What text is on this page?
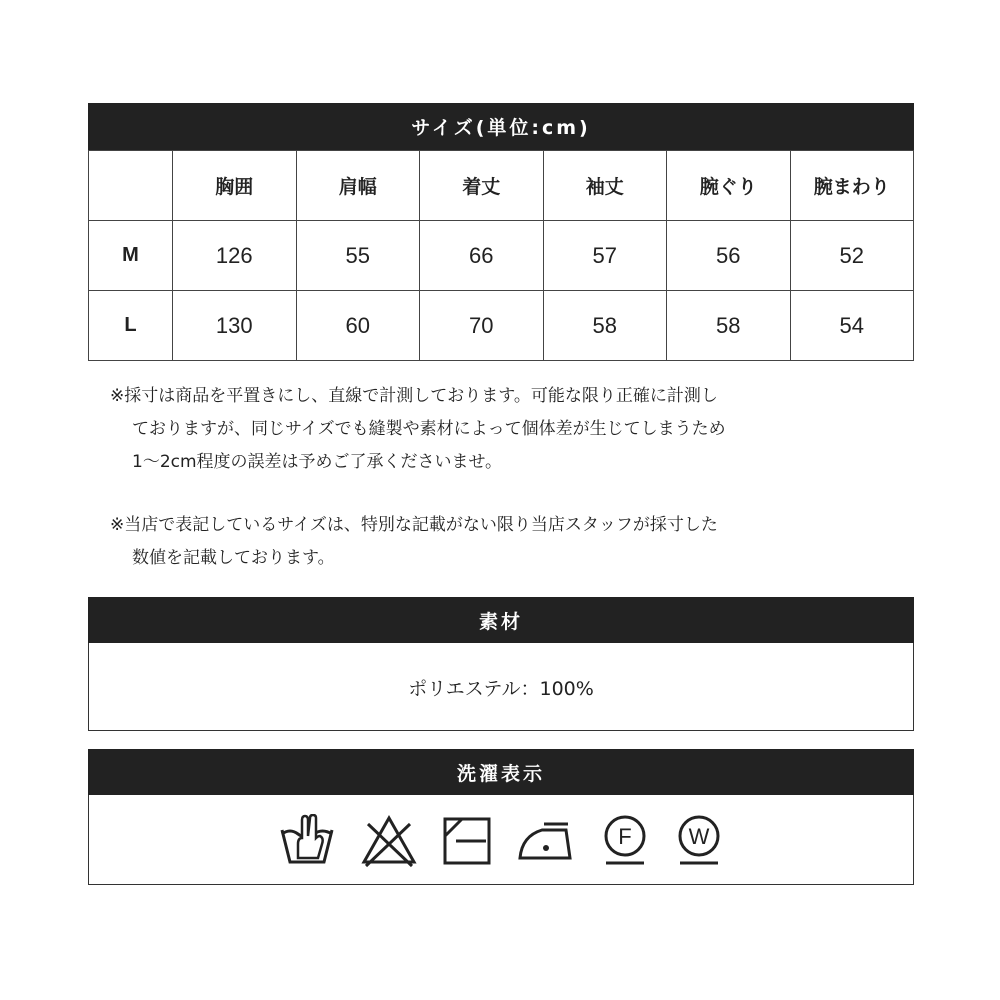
サイズ(単位:cm)
	胸囲	肩幅	着丈	袖丈	腕ぐり	腕まわり
M	126	55	66	57	56	52
L	130	60	70	58	58	54

※採寸は商品を平置きにし、直線で計測しております。可能な限り正確に計測し

ておりますが、同じサイズでも縫製や素材によって個体差が生じてしまうため

1〜2cm程度の誤差は予めご了承くださいませ。

※当店で表記しているサイズは、特別な記載がない限り当店スタッフが採寸した

数値を記載しております。

素材
ポリエステル：100%
洗濯表示
F	W
